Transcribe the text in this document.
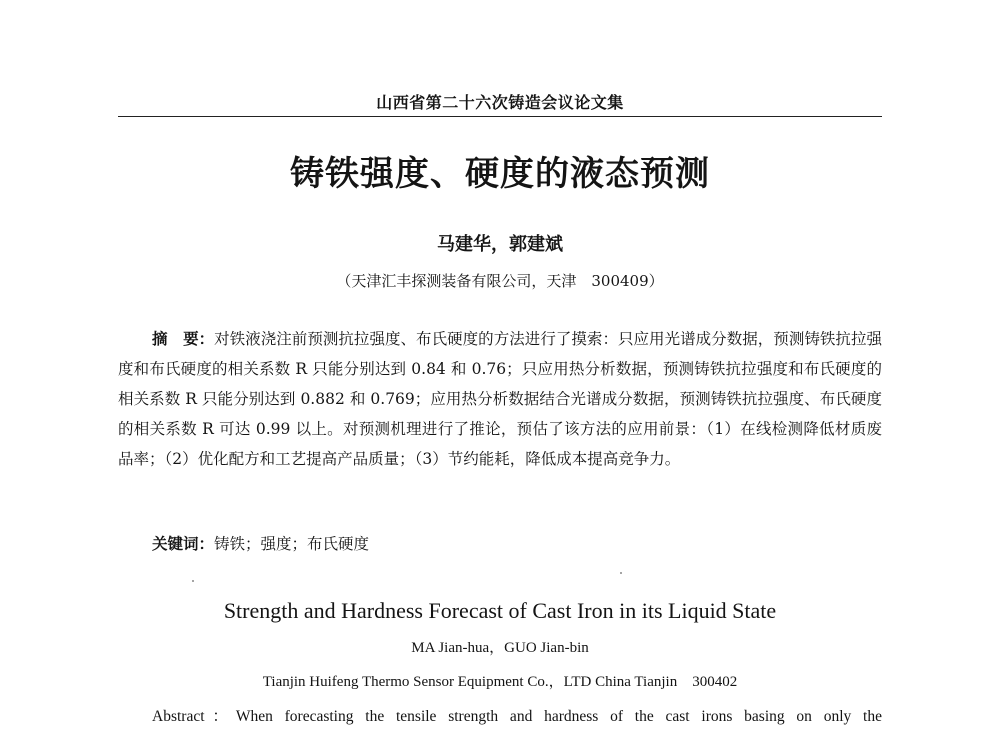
山西省第二十六次铸造会议论文集
铸铁强度、硬度的液态预测
马建华，郭建斌
（天津汇丰探测装备有限公司，天津　300409）
摘　要：对铁液浇注前预测抗拉强度、布氏硬度的方法进行了摸索：只应用光谱成分数据，预测铸铁抗拉强度和布氏硬度的相关系数 R 只能分别达到 0.84 和 0.76；只应用热分析数据，预测铸铁抗拉强度和布氏硬度的相关系数 R 只能分别达到 0.882 和 0.769；应用热分析数据结合光谱成分数据，预测铸铁抗拉强度、布氏硬度的相关系数 R 可达 0.99 以上。对预测机理进行了推论，预估了该方法的应用前景：（1）在线检测降低材质废品率；（2）优化配方和工艺提高产品质量；（3）节约能耗，降低成本提高竞争力。
关键词：铸铁；强度；布氏硬度
Strength and Hardness Forecast of Cast Iron in its Liquid State
MA Jian-hua，GUO Jian-bin
Tianjin Huifeng Thermo Sensor Equipment Co.，LTD China Tianjin　300402
Abstract：When forecasting the tensile strength and hardness of the cast irons basing on only the
